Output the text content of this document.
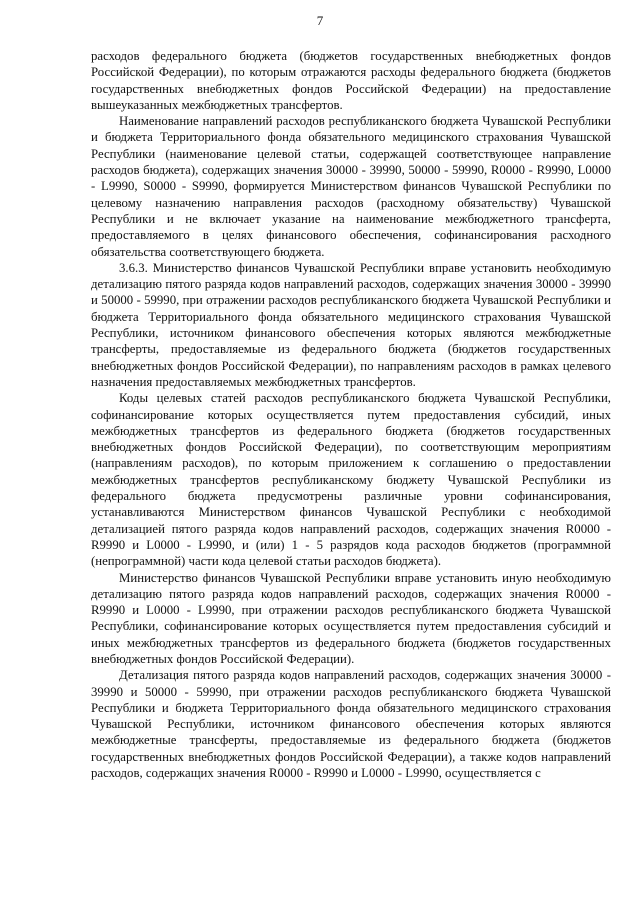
7

расходов федерального бюджета (бюджетов государственных внебюджетных фондов Российской Федерации), по которым отражаются расходы федерального бюджета (бюджетов государственных внебюджетных фондов Российской Федерации) на предоставление вышеуказанных межбюджетных трансфертов.

Наименование направлений расходов республиканского бюджета Чувашской Республики и бюджета Территориального фонда обязательного медицинского страхования Чувашской Республики (наименование целевой статьи, содержащей соответствующее направление расходов бюджета), содержащих значения 30000 - 39990, 50000 - 59990, R0000 - R9990, L0000 - L9990, S0000 - S9990, формируется Министерством финансов Чувашской Республики по целевому назначению направления расходов (расходному обязательству) Чувашской Республики и не включает указание на наименование межбюджетного трансферта, предоставляемого в целях финансового обеспечения, софинансирования расходного обязательства соответствующего бюджета.

3.6.3. Министерство финансов Чувашской Республики вправе установить необходимую детализацию пятого разряда кодов направлений расходов, содержащих значения 30000 - 39990 и 50000 - 59990, при отражении расходов республиканского бюджета Чувашской Республики и бюджета Территориального фонда обязательного медицинского страхования Чувашской Республики, источником финансового обеспечения которых являются межбюджетные трансферты, предоставляемые из федерального бюджета (бюджетов государственных внебюджетных фондов Российской Федерации), по направлениям расходов в рамках целевого назначения предоставляемых межбюджетных трансфертов.

Коды целевых статей расходов республиканского бюджета Чувашской Республики, софинансирование которых осуществляется путем предоставления субсидий, иных межбюджетных трансфертов из федерального бюджета (бюджетов государственных внебюджетных фондов Российской Федерации), по соответствующим мероприятиям (направлениям расходов), по которым приложением к соглашению о предоставлении межбюджетных трансфертов республиканскому бюджету Чувашской Республики из федерального бюджета предусмотрены различные уровни софинансирования, устанавливаются Министерством финансов Чувашской Республики с необходимой детализацией пятого разряда кодов направлений расходов, содержащих значения R0000 - R9990 и L0000 - L9990, и (или) 1 - 5 разрядов кода расходов бюджетов (программной (непрограммной) части кода целевой статьи расходов бюджета).

Министерство финансов Чувашской Республики вправе установить иную необходимую детализацию пятого разряда кодов направлений расходов, содержащих значения R0000 - R9990 и L0000 - L9990, при отражении расходов республиканского бюджета Чувашской Республики, софинансирование которых осуществляется путем предоставления субсидий и иных межбюджетных трансфертов из федерального бюджета (бюджетов государственных внебюджетных фондов Российской Федерации).

Детализация пятого разряда кодов направлений расходов, содержащих значения 30000 - 39990 и 50000 - 59990, при отражении расходов республиканского бюджета Чувашской Республики и бюджета Территориального фонда обязательного медицинского страхования Чувашской Республики, источником финансового обеспечения которых являются межбюджетные трансферты, предоставляемые из федерального бюджета (бюджетов государственных внебюджетных фондов Российской Федерации), а также кодов направлений расходов, содержащих значения R0000 - R9990 и L0000 - L9990, осуществляется с
